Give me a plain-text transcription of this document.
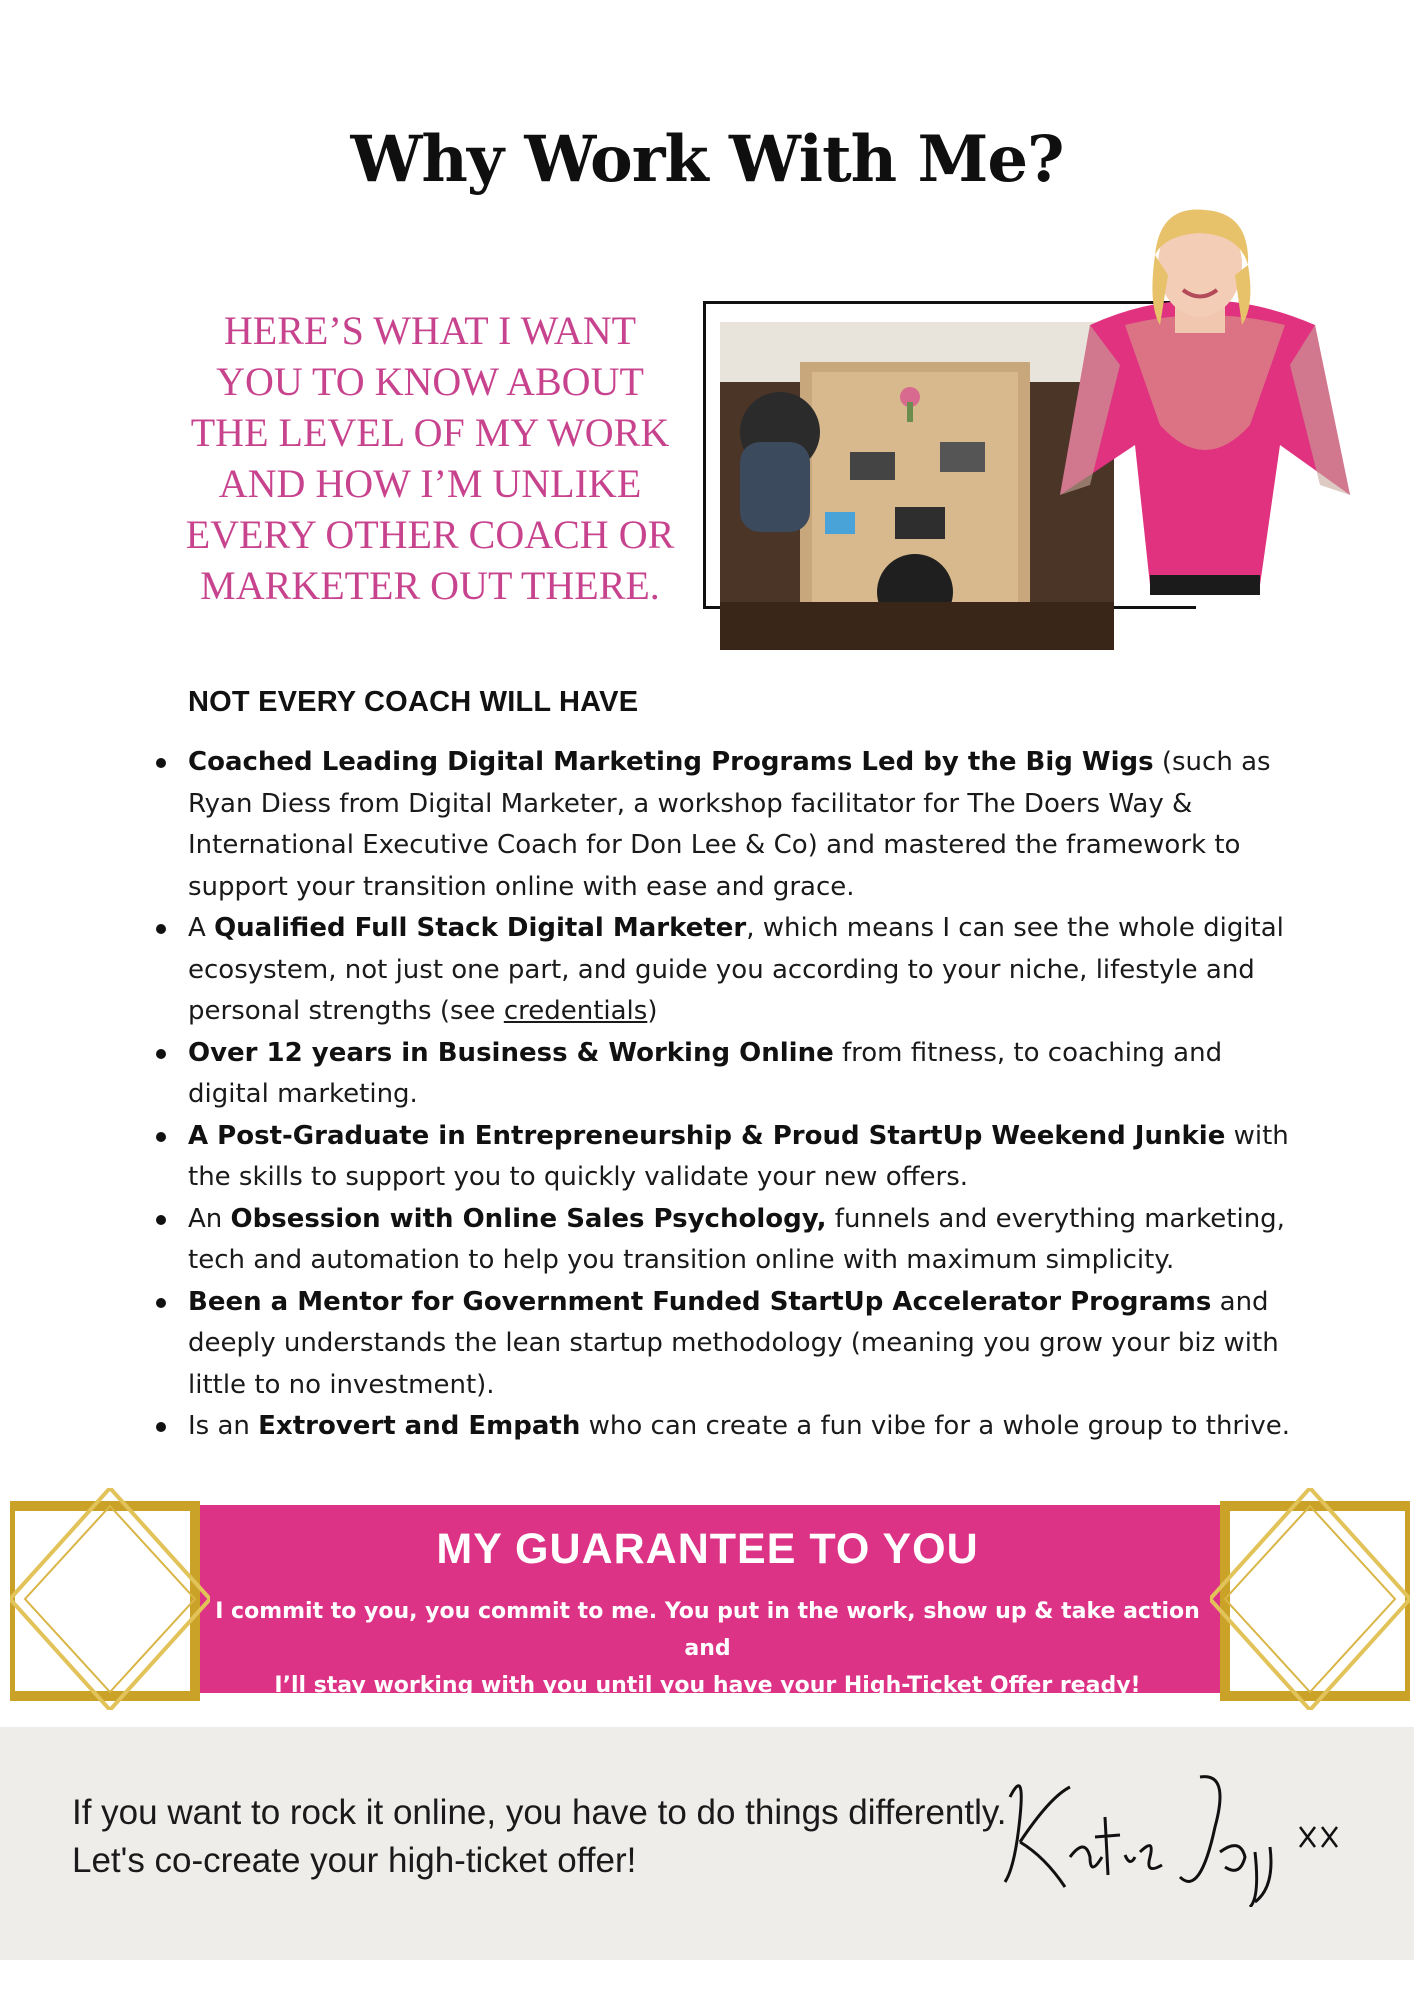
Why Work With Me?
HERE’S WHAT I WANT YOU TO KNOW ABOUT THE LEVEL OF MY WORK AND HOW I’M UNLIKE EVERY OTHER COACH OR MARKETER OUT THERE.
NOT EVERY COACH WILL HAVE
Coached Leading Digital Marketing Programs Led by the Big Wigs (such as Ryan Diess from Digital Marketer, a workshop facilitator for The Doers Way & International Executive Coach for Don Lee & Co) and mastered the framework to support your transition online with ease and grace.
A Qualified Full Stack Digital Marketer, which means I can see the whole digital ecosystem, not just one part, and guide you according to your niche, lifestyle and personal strengths (see credentials)
Over 12 years in Business & Working Online from fitness, to coaching and digital marketing.
A Post-Graduate in Entrepreneurship & Proud StartUp Weekend Junkie with the skills to support you to quickly validate your new offers.
An Obsession with Online Sales Psychology, funnels and everything marketing, tech and automation to help you transition online with maximum simplicity.
Been a Mentor for Government Funded StartUp Accelerator Programs and deeply understands the lean startup methodology (meaning you grow your biz with little to no investment).
Is an Extrovert and Empath who can create a fun vibe for a whole group to thrive.
MY GUARANTEE TO YOU
I commit to you, you commit to me. You put in the work, show up & take action and
I’ll stay working with you until you have your High-Ticket Offer ready!
If you want to rock it online, you have to do things differently. Let's co-create your high-ticket offer!
